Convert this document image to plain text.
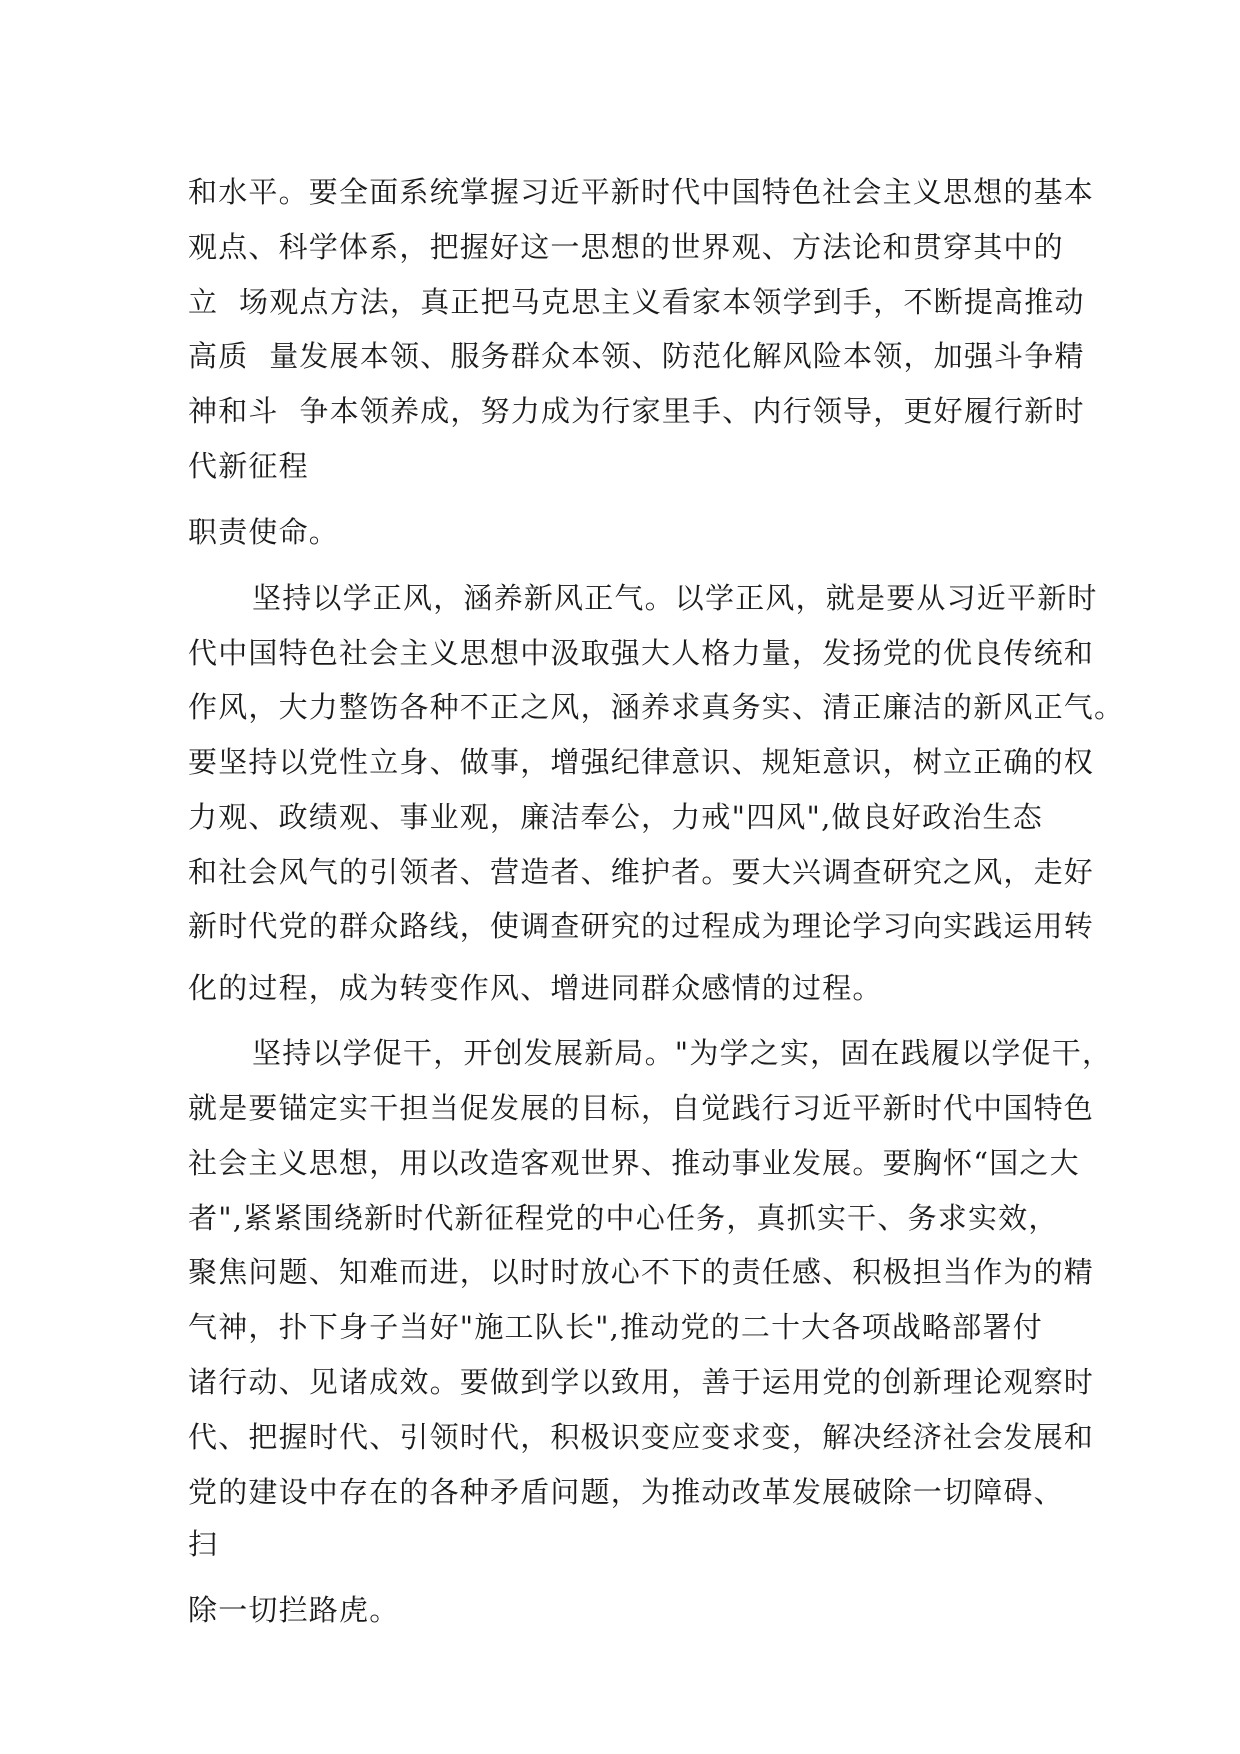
和水平。要全面系统掌握习近平新时代中国特色社会主义思想的基本
观点、科学体系，把握好这一思想的世界观、方法论和贯穿其中的
立  场观点方法，真正把马克思主义看家本领学到手，不断提高推动
高质  量发展本领、服务群众本领、防范化解风险本领，加强斗争精
神和斗  争本领养成，努力成为行家里手、内行领导，更好履行新时
代新征程
职责使命。
坚持以学正风，涵养新风正气。以学正风，就是要从习近平新时
代中国特色社会主义思想中汲取强大人格力量，发扬党的优良传统和
作风，大力整饬各种不正之风，涵养求真务实、清正廉洁的新风正气。
要坚持以党性立身、做事，增强纪律意识、规矩意识，树立正确的权
力观、政绩观、事业观，廉洁奉公，力戒"四风",做良好政治生态
和社会风气的引领者、营造者、维护者。要大兴调查研究之风，走好
新时代党的群众路线，使调查研究的过程成为理论学习向实践运用转
化的过程，成为转变作风、增进同群众感情的过程。
坚持以学促干，开创发展新局。"为学之实，固在践履以学促干，
就是要锚定实干担当促发展的目标，自觉践行习近平新时代中国特色
社会主义思想，用以改造客观世界、推动事业发展。要胸怀“国之大
者",紧紧围绕新时代新征程党的中心任务，真抓实干、务求实效，
聚焦问题、知难而进，以时时放心不下的责任感、积极担当作为的精
气神，扑下身子当好"施工队长",推动党的二十大各项战略部署付
诸行动、见诸成效。要做到学以致用，善于运用党的创新理论观察时
代、把握时代、引领时代，积极识变应变求变，解决经济社会发展和
党的建设中存在的各种矛盾问题，为推动改革发展破除一切障碍、
扫
除一切拦路虎。
